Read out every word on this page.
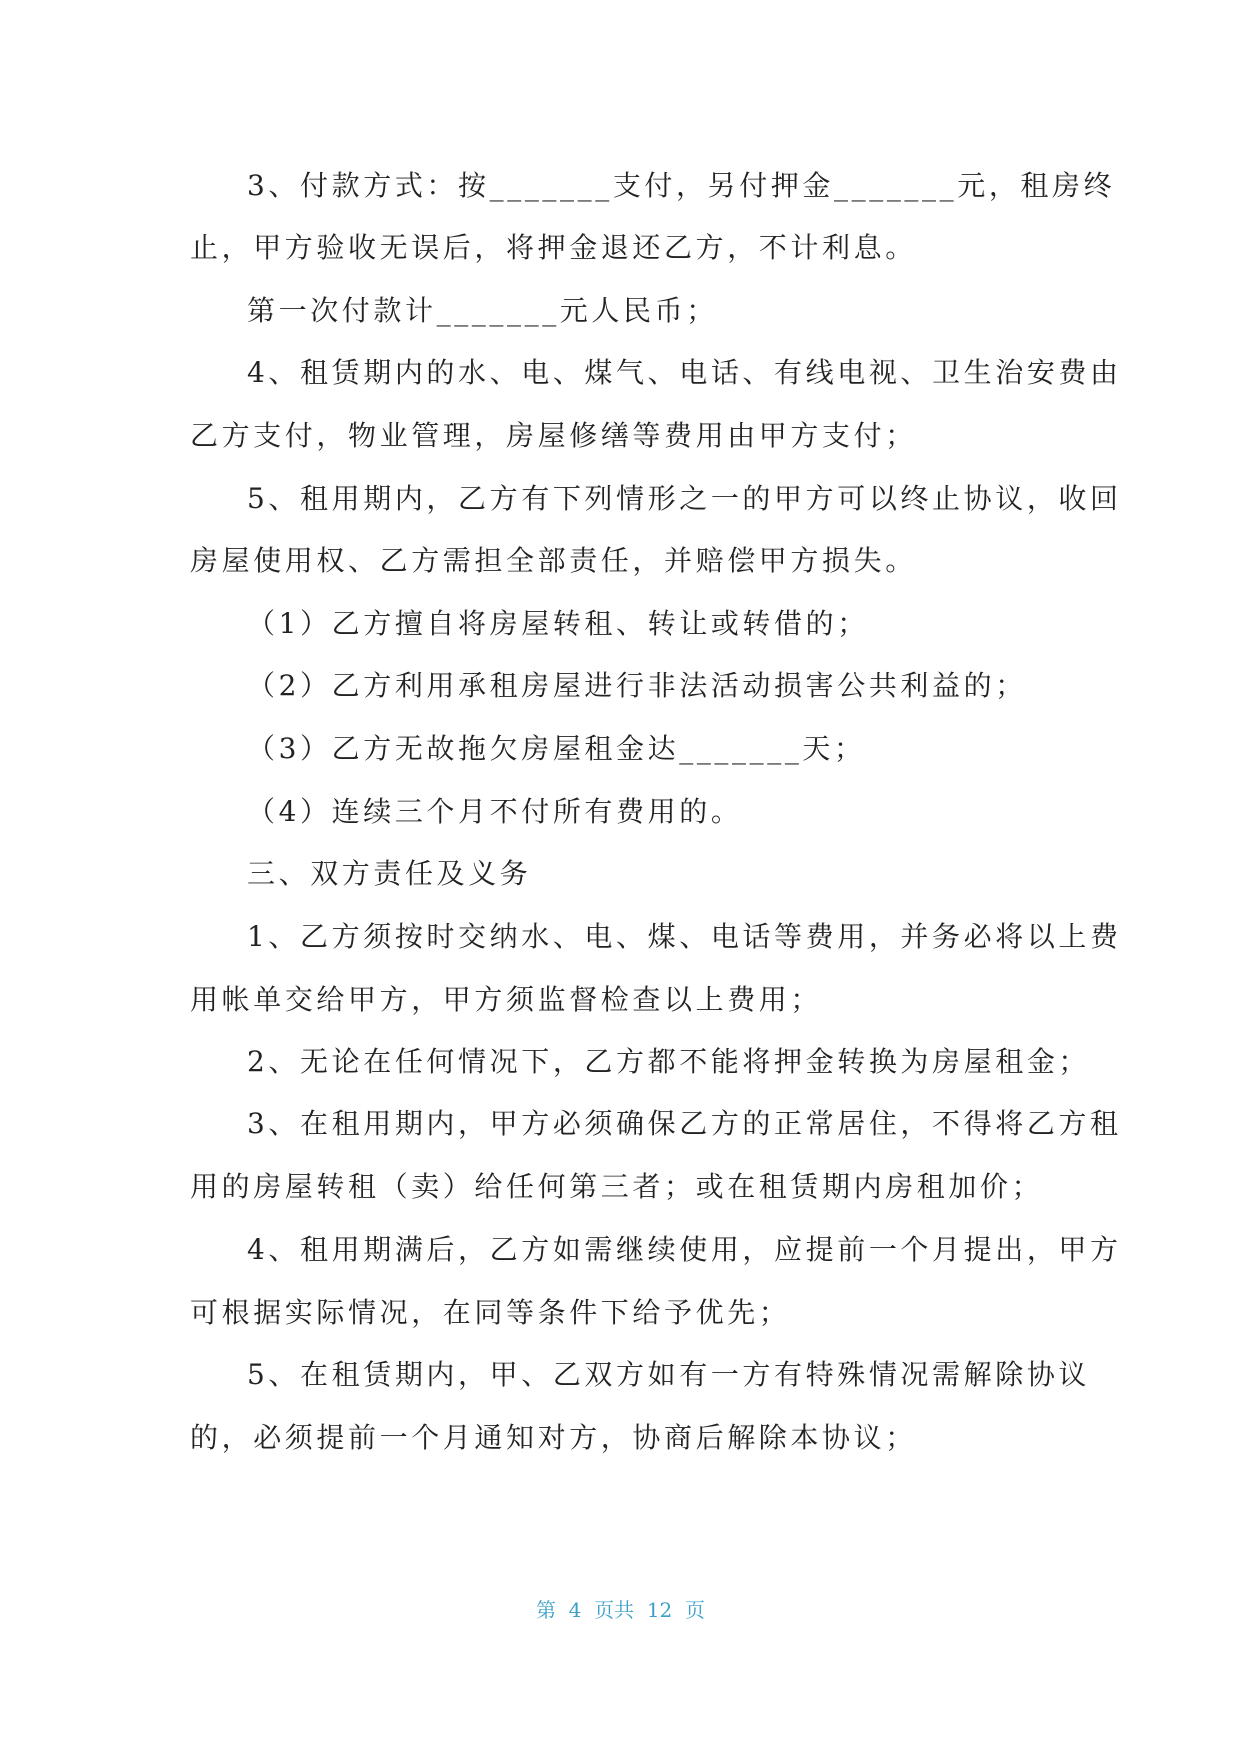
3、付款方式：按_______支付，另付押金_______元，租房终
止，甲方验收无误后，将押金退还乙方，不计利息。
第一次付款计_______元人民币；
4、租赁期内的水、电、煤气、电话、有线电视、卫生治安费由
乙方支付，物业管理，房屋修缮等费用由甲方支付；
5、租用期内，乙方有下列情形之一的甲方可以终止协议，收回
房屋使用权、乙方需担全部责任，并赔偿甲方损失。
（1）乙方擅自将房屋转租、转让或转借的；
（2）乙方利用承租房屋进行非法活动损害公共利益的；
（3）乙方无故拖欠房屋租金达_______天；
（4）连续三个月不付所有费用的。
三、双方责任及义务
1、乙方须按时交纳水、电、煤、电话等费用，并务必将以上费
用帐单交给甲方，甲方须监督检查以上费用；
2、无论在任何情况下，乙方都不能将押金转换为房屋租金；
3、在租用期内，甲方必须确保乙方的正常居住，不得将乙方租
用的房屋转租（卖）给任何第三者；或在租赁期内房租加价；
4、租用期满后，乙方如需继续使用，应提前一个月提出，甲方
可根据实际情况，在同等条件下给予优先；
5、在租赁期内，甲、乙双方如有一方有特殊情况需解除协议
的，必须提前一个月通知对方，协商后解除本协议；
第  4  页共  12  页
